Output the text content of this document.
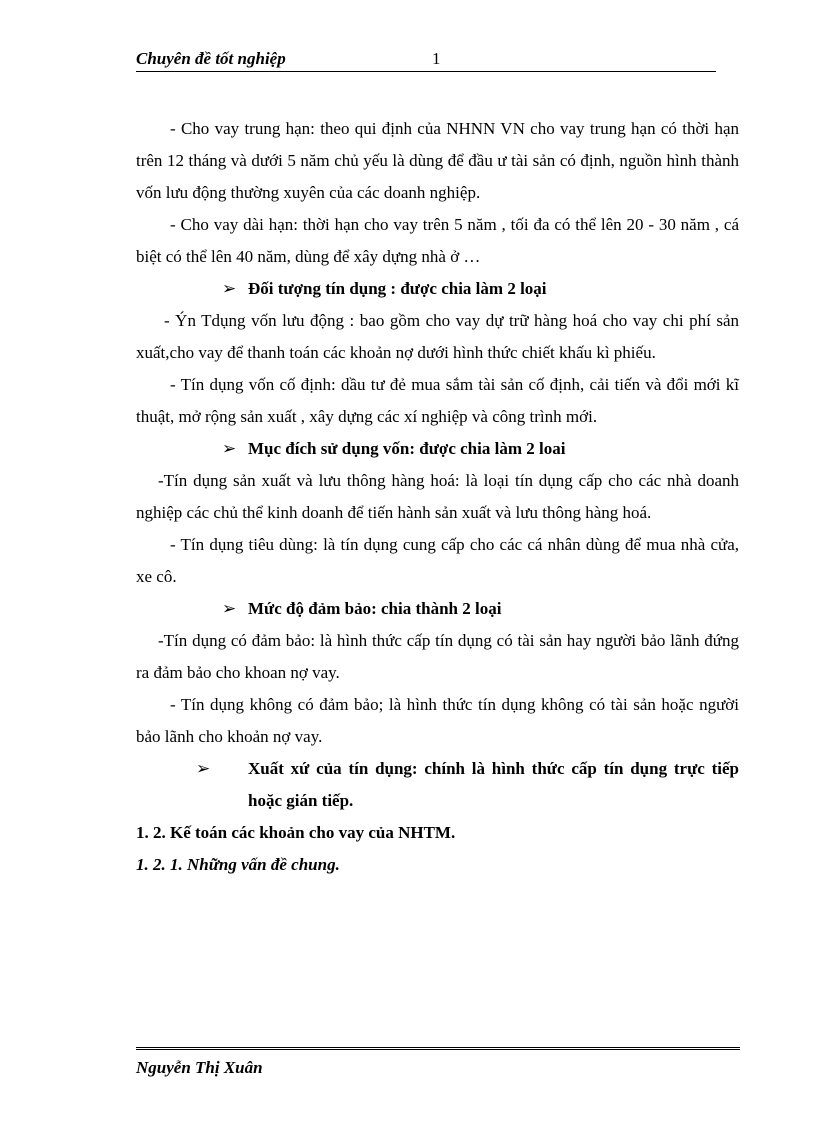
Chuyên đề tốt nghiệp	1

- Cho vay trung hạn: theo qui định của NHNN VN cho vay trung hạn có thời hạn trên 12 tháng và dưới 5 năm chủ yếu là dùng để đầu ư tài sản có định, nguồn hình thành vốn lưu động thường xuyên của các doanh nghiệp.

- Cho vay dài hạn: thời hạn cho vay trên 5 năm , tối đa có thể lên 20 - 30 năm , cá biệt có thể lên 40 năm, dùng để xây dựng nhà ở …

➢ Đối tượng tín dụng : được chia làm 2 loại

- Ýn Tdụng vốn lưu động : bao gồm cho vay dự trữ hàng hoá cho vay chi phí sản xuất,cho vay để thanh toán các khoản nợ dưới hình thức chiết khấu kì phiếu.

- Tín dụng vốn cố định: dầu tư đẻ mua sắm tài sản cố định, cải tiến và đổi mới kĩ thuật, mở rộng sản xuất , xây dựng các xí nghiệp và công trình mới.

➢ Mục đích sử dụng vốn: được chia làm 2 loai

-Tín dụng sản xuất và lưu thông hàng hoá: là loại tín dụng cấp cho các nhà doanh nghiệp các chủ thể kinh doanh để tiến hành sản xuất và lưu thông hàng hoá.

- Tín dụng tiêu dùng: là tín dụng cung cấp cho các cá nhân dùng để mua nhà cửa, xe cô.

➢ Mức độ đảm bảo: chia thành 2 loại

-Tín dụng có đảm bảo: là hình thức cấp tín dụng có tài sản hay người bảo lãnh đứng ra đảm bảo cho khoan nợ vay.

- Tín dụng không có đảm bảo; là hình thức tín dụng không có tài sản hoặc người bảo lãnh cho khoản nợ vay.

➢ Xuất xứ của tín dụng: chính là hình thức cấp tín dụng trực tiếp hoặc gián tiếp.

1. 2. Kế toán các khoản cho vay của NHTM.

1. 2. 1. Những vấn đề chung.

Nguyễn Thị Xuân
